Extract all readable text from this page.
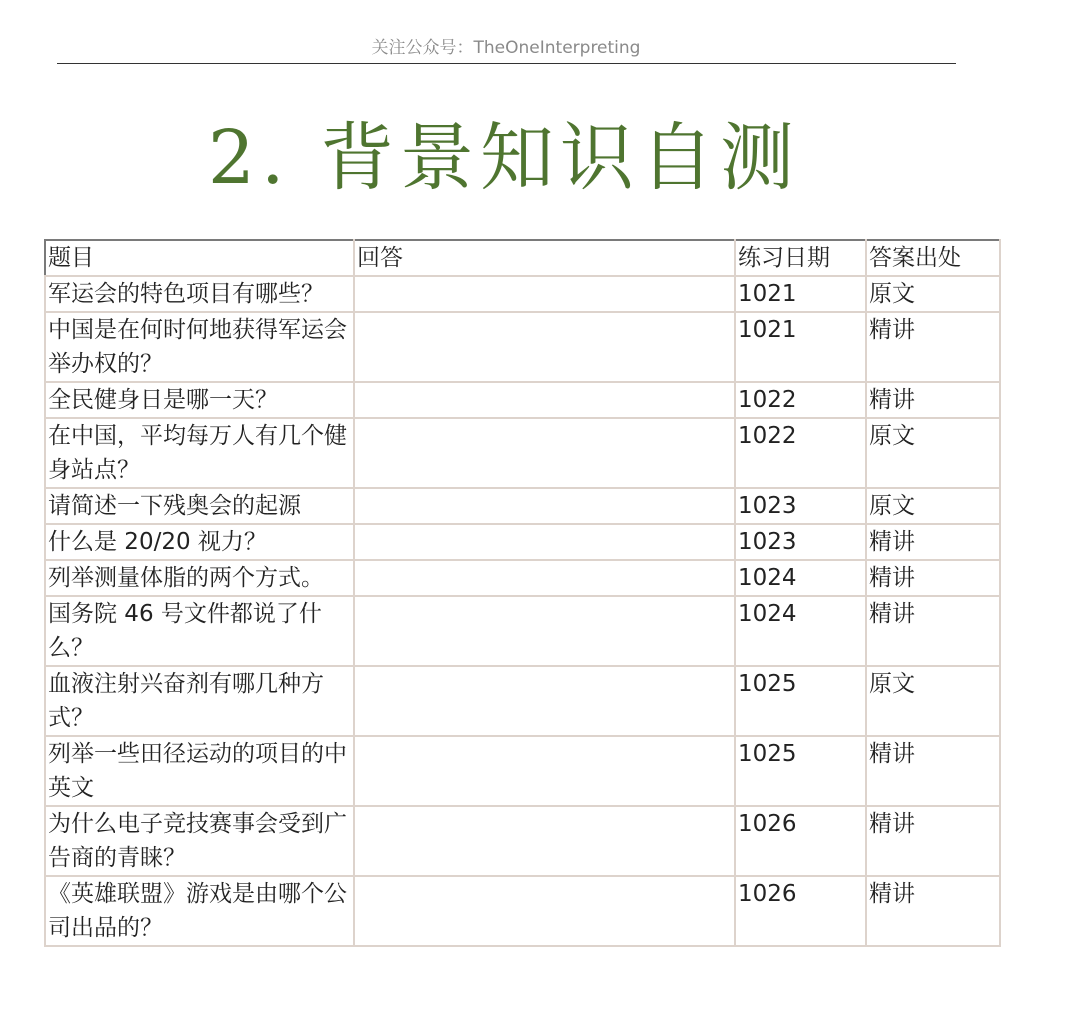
关注公众号：TheOneInterpreting
2. 背景知识自测
题目	回答	练习日期	答案出处
军运会的特色项目有哪些？		1021	原文
中国是在何时何地获得军运会举办权的？		1021	精讲
全民健身日是哪一天？		1022	精讲
在中国，平均每万人有几个健身站点？		1022	原文
请简述一下残奥会的起源		1023	原文
什么是 20/20 视力？		1023	精讲
列举测量体脂的两个方式。		1024	精讲
国务院 46 号文件都说了什么？		1024	精讲
血液注射兴奋剂有哪几种方式？		1025	原文
列举一些田径运动的项目的中英文		1025	精讲
为什么电子竞技赛事会受到广告商的青睐？		1026	精讲
《英雄联盟》游戏是由哪个公司出品的？		1026	精讲
